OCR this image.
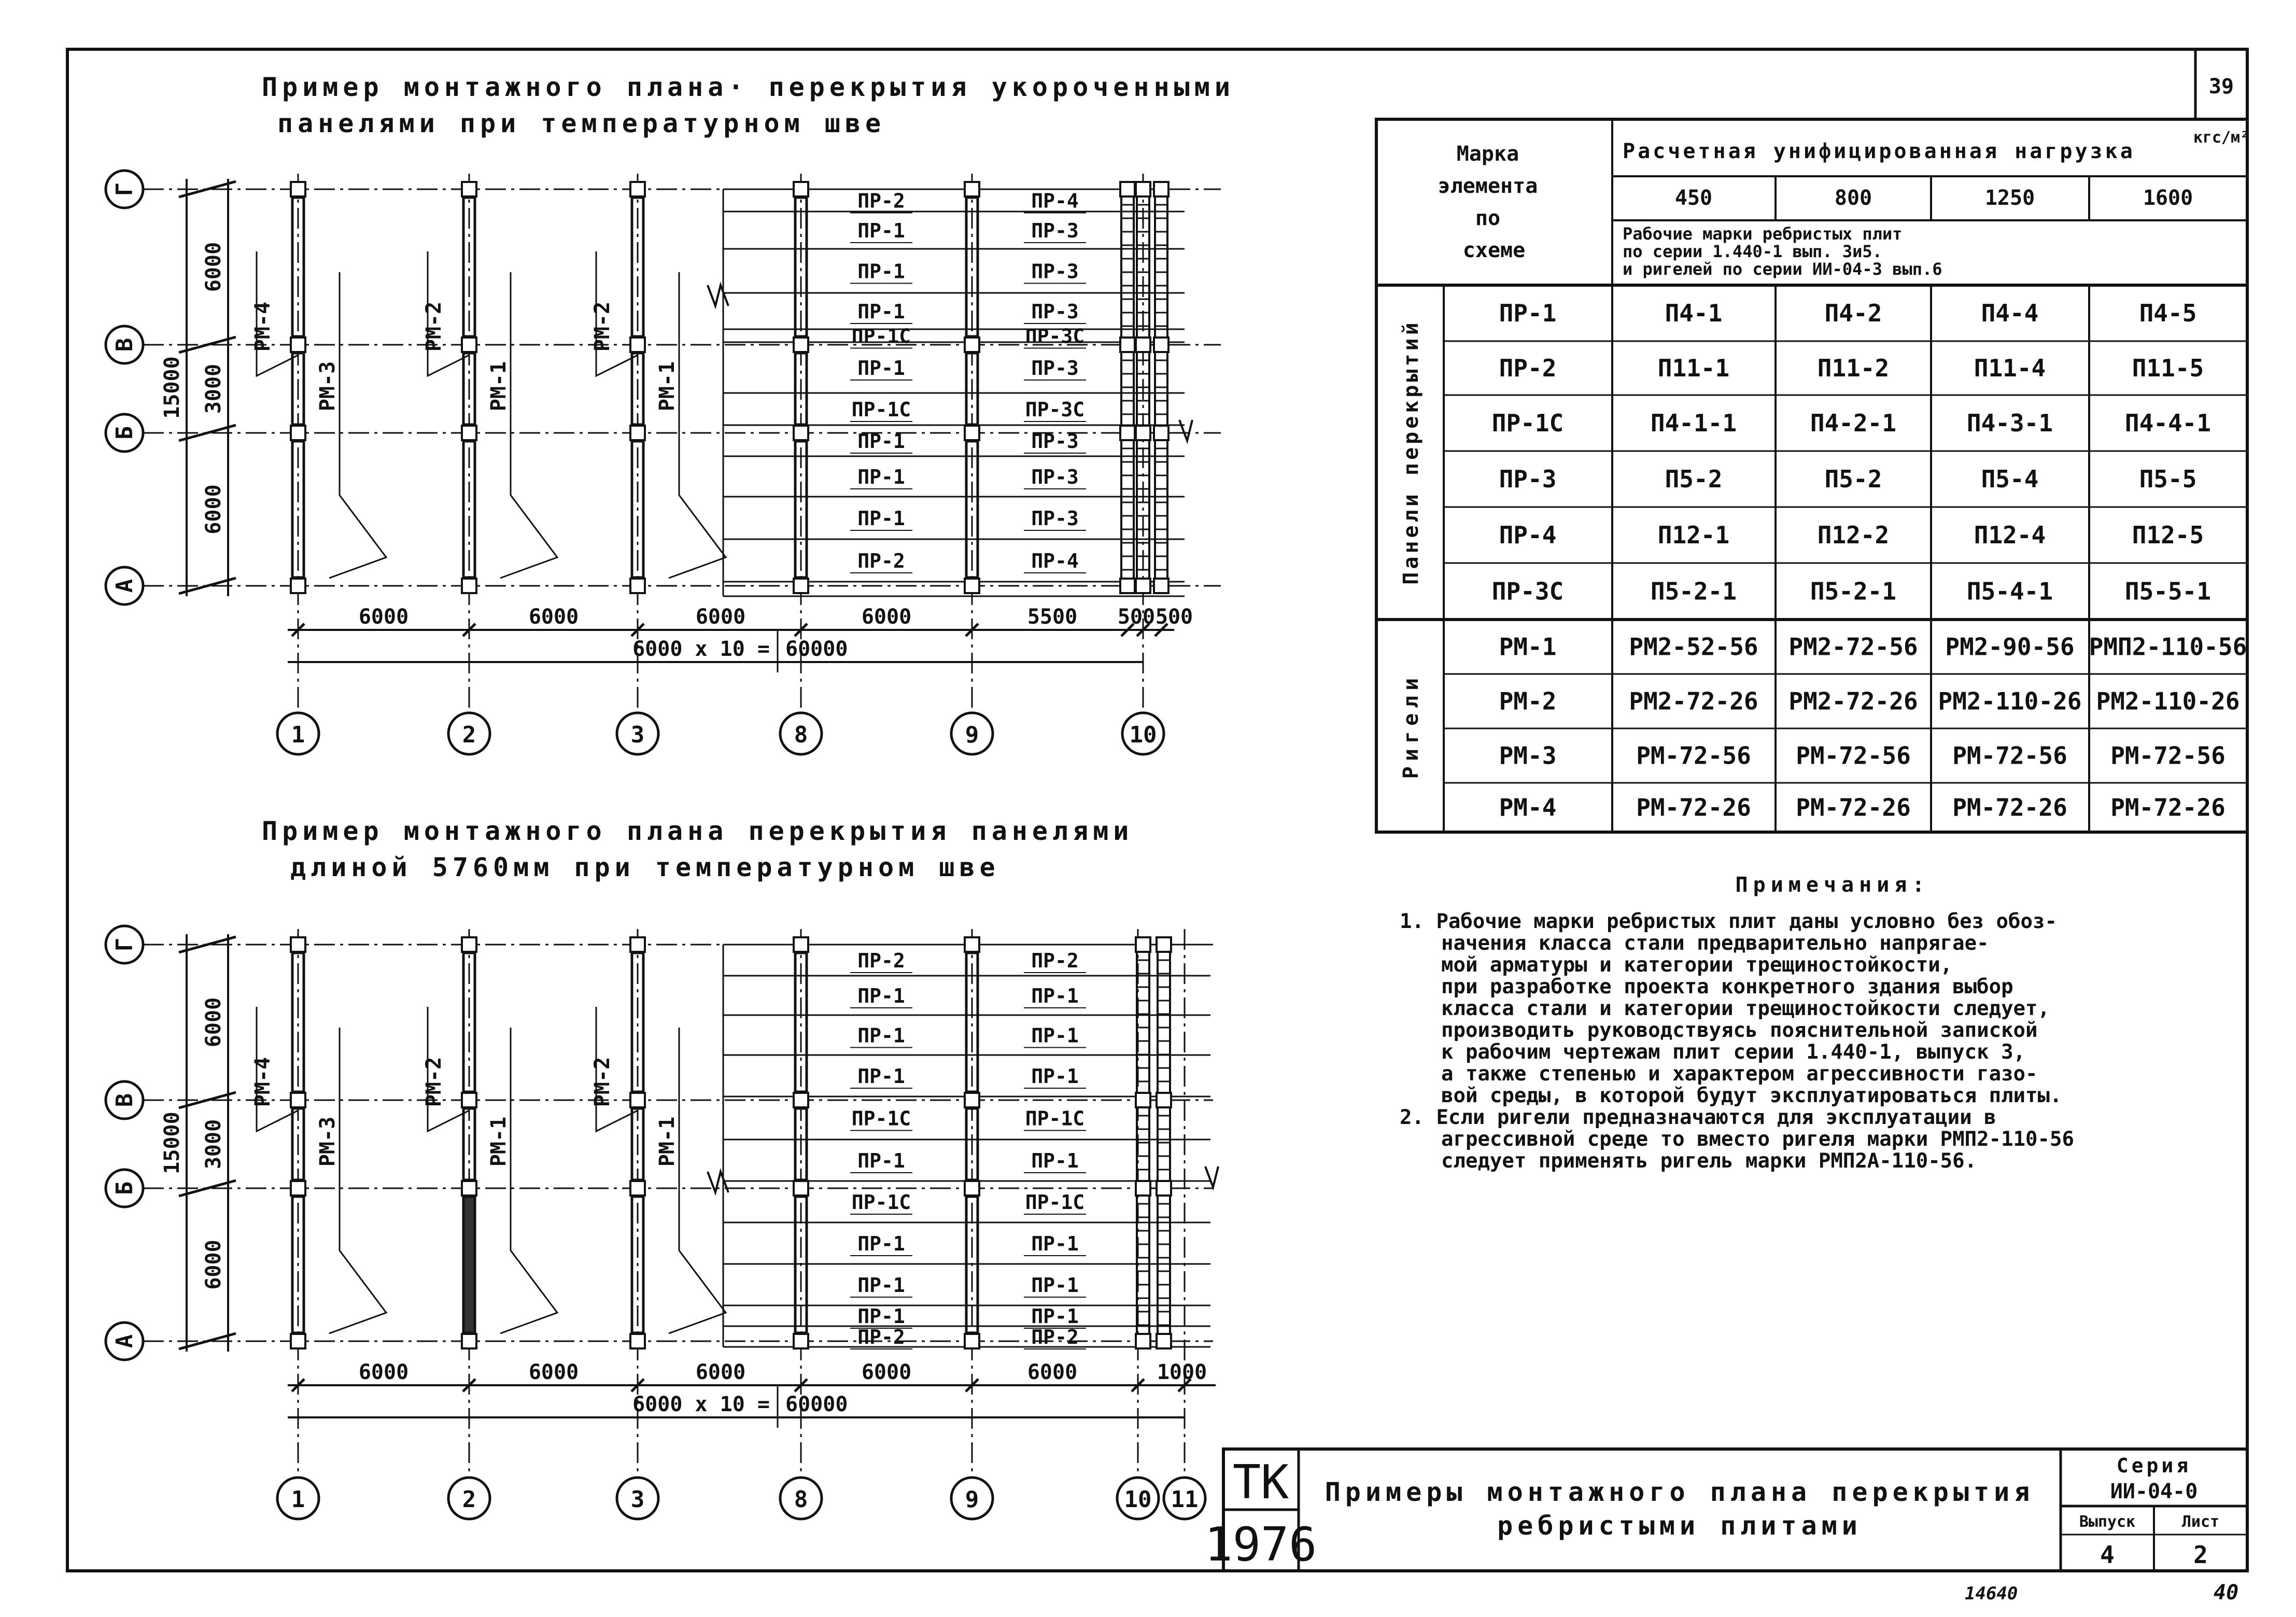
39
Пример монтажного плана· перекрытия укороченными
панелями при температурном шве
Г
В
Б
А
6000
3000
6000
15000
1	2	3	8	9	10
6000	6000	6000	6000	5500 500 500
6000 x 10 = 60000
РМ-4
РМ-3
РМ-2
РМ-1
РМ-2
РМ-1
ПР-2
ПР-1
ПР-1
ПР-1
ПР-1С
ПР-1
ПР-1С
ПР-1
ПР-1
ПР-1
ПР-2
ПР-4
ПР-3
ПР-3
ПР-3
ПР-3С
ПР-3
ПР-3С
ПР-3
ПР-3
ПР-3
ПР-4
Пример монтажного плана перекрытия панелями
длиной 5760мм при температурном шве
Г
В
Б
А
6000
3000
6000
15000
1	2	3	8	9	10 11
6000	6000	6000	6000	6000	1000
6000 x 10 = 60000
РМ-4
РМ-3
РМ-2
РМ-1
РМ-2
РМ-1
ПР-2
ПР-1
ПР-1
ПР-1
ПР-1С
ПР-1
ПР-1С
ПР-1
ПР-1
ПР-1
ПР-2
ПР-2
ПР-1
ПР-1
ПР-1
ПР-1С
ПР-1
ПР-1С
ПР-1
ПР-1
ПР-1
ПР-2
Марка элемента по схеме
Расчетная унифицированная нагрузка
кгс/м²
450	800	1250	1600
Рабочие марки ребристых плит
по серии 1.440-1 вып. 3и5.
и ригелей по серии ИИ-04-3 вып.6
Панели перекрытий
Ригели
ПР-1	П4-1	П4-2	П4-4	П4-5
ПР-2	П11-1	П11-2	П11-4	П11-5
ПР-1С	П4-1-1	П4-2-1	П4-3-1	П4-4-1
ПР-3	П5-2	П5-2	П5-4	П5-5
ПР-4	П12-1	П12-2	П12-4	П12-5
ПР-3С	П5-2-1	П5-2-1	П5-4-1	П5-5-1
РМ-1	РМ2-52-56 РМ2-72-56 РМ2-90-56 РМП2-110-56
РМ-2	РМ2-72-26 РМ2-72-26 РМ2-110-26 РМ2-110-26
РМ-3	РМ-72-56 РМ-72-56 РМ-72-56 РМ-72-56
РМ-4	РМ-72-26 РМ-72-26 РМ-72-26 РМ-72-26
Примечания:
1. Рабочие марки ребристых плит даны условно без обоз-
начения класса стали предварительно напрягае-
мой арматуры и категории трещиностойкости,
при разработке проекта конкретного здания выбор
класса стали и категории трещиностойкости следует,
производить руководствуясь пояснительной запиской
к рабочим чертежам плит серии 1.440-1, выпуск 3,
а также степенью и характером агрессивности газо-
вой среды, в которой будут эксплуатироваться плиты.
2. Если ригели предназначаются для эксплуатации в
агрессивной среде то вместо ригеля марки РМП2-110-56
следует применять ригель марки РМП2А-110-56.
ТК
1976
Примеры монтажного плана перекрытия
ребристыми плитами
Серия
ИИ-04-0
Выпуск	Лист
4	2
14640	40
